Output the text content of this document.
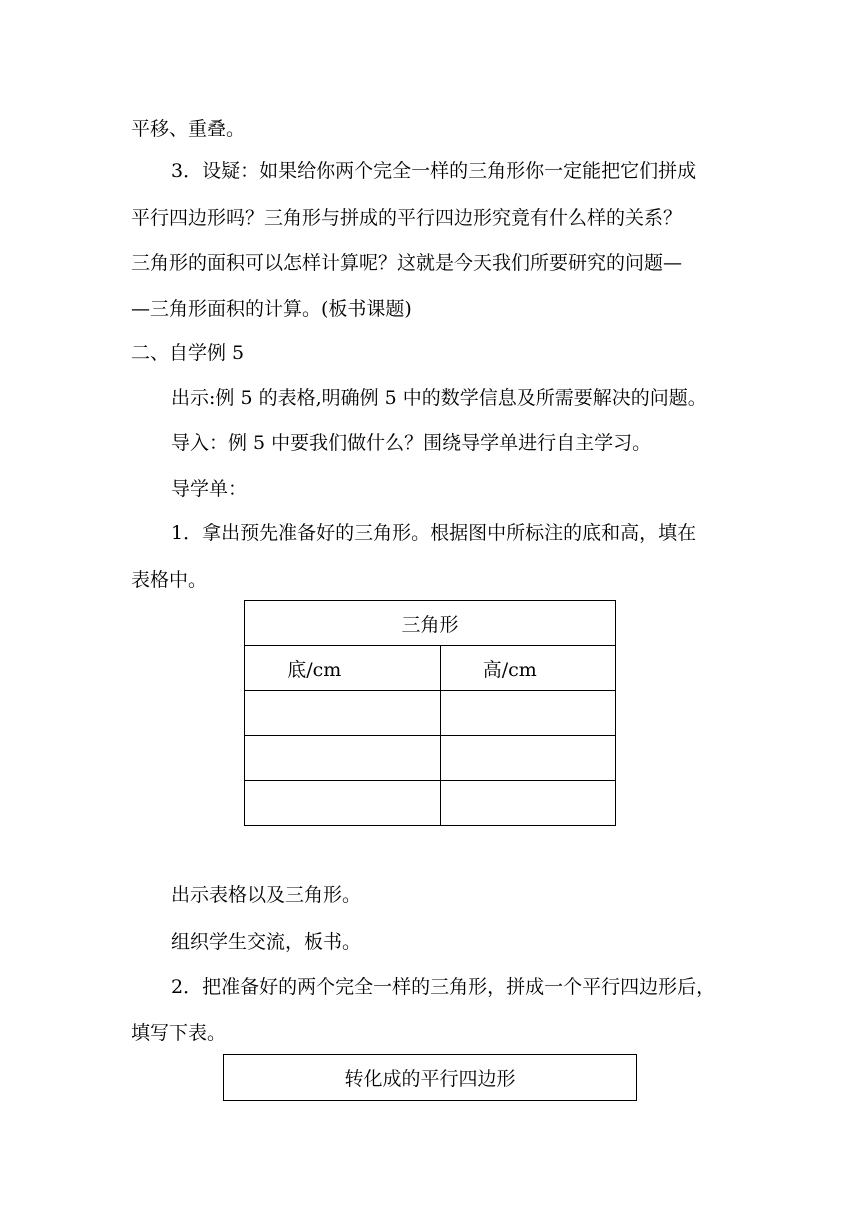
平移、重叠。
3．设疑：如果给你两个完全一样的三角形你一定能把它们拼成
平行四边形吗？三角形与拼成的平行四边形究竟有什么样的关系？
三角形的面积可以怎样计算呢？这就是今天我们所要研究的问题—
—三角形面积的计算。(板书课题)
二、自学例 5
出示:例 5 的表格,明确例 5 中的数学信息及所需要解决的问题。
导入：例 5 中要我们做什么？围绕导学单进行自主学习。
导学单：
1．拿出预先准备好的三角形。根据图中所标注的底和高，填在
表格中。
三角形	
底/cm	高/cm

出示表格以及三角形。
组织学生交流，板书。
2．把准备好的两个完全一样的三角形，拼成一个平行四边形后，
填写下表。
转化成的平行四边形
